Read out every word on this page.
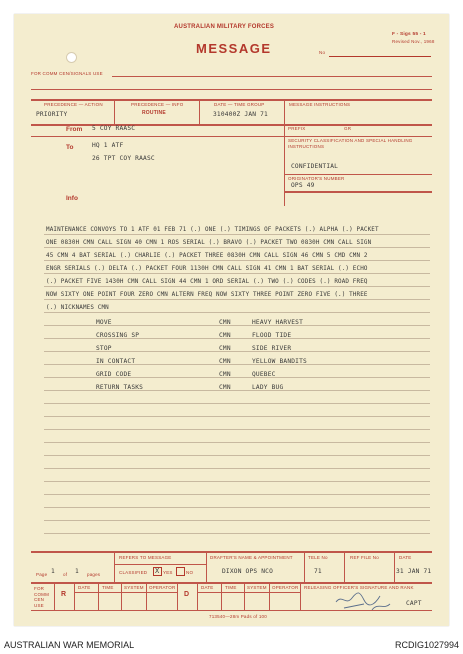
AUSTRALIAN MILITARY FORCES
MESSAGE
F - Sigs 55 - 1
Revised Nov., 1968
No
FOR COMM CEN/SIGNALS USE
PRECEDENCE — ACTION
PRIORITY
PRECEDENCE — INFO
ROUTINE
DATE — TIME GROUP
310400Z JAN 71
MESSAGE INSTRUCTIONS
From 5 COY RAASC	PREFIX	GR
To	HQ 1 ATF
26 TPT COY RAASC
SECURITY CLASSIFICATION AND SPECIAL HANDLING INSTRUCTIONS
CONFIDENTIAL
ORIGINATOR'S NUMBER
OPS 49
Info
MAINTENANCE CONVOYS TO 1 ATF 01 FEB 71 (.) ONE (.) TIMINGS OF PACKETS (.) ALPHA (.) PACKET
ONE 0830H CMN CALL SIGN 40 CMN 1 ROS SERIAL (.) BRAVO (.) PACKET TWO 0830H CMN CALL SIGN
45 CMN 4 BAT SERIAL (.) CHARLIE (.) PACKET THREE 0830H CMN CALL SIGN 46 CMN 5 CMD CMN 2
ENGR SERIALS (.) DELTA (.) PACKET FOUR 1130H CMN CALL SIGN 41 CMN 1 BAT SERIAL (.) ECHO
(.) PACKET FIVE 1430H CMN CALL SIGN 44 CMN 1 ORD SERIAL (.) TWO (.) CODES (.) ROAD FREQ
NOW SIXTY ONE POINT FOUR ZERO CMN ALTERN FREQ NOW SIXTY THREE POINT ZERO FIVE (.) THREE
(.) NICKNAMES CMN
MOVE	CMN	HEAVY HARVEST
CROSSING SP	CMN	FLOOD TIDE
STOP	CMN	SIDE RIVER
IN CONTACT	CMN	YELLOW BANDITS
GRID CODE	CMN	QUEBEC
RETURN TASKS	CMN	LADY BUG
Page 1 of 1 pages
REFERS TO MESSAGE
CLASSIFIED X YES	NO
DRAFTER'S NAME & APPOINTMENT
DIXON OPS NCO
TELE No
71
REF FILE No	DATE
31 JAN 71
FOR COMM CEN USE
R
DATE	TIME SYSTEM OPERATOR
D
DATE	TIME SYSTEM OPERATOR RELEASING OFFICER'S SIGNATURE AND RANK
CAPT
713540—28m Pads of 100
AUSTRALIAN WAR MEMORIAL	RCDIG1027994
